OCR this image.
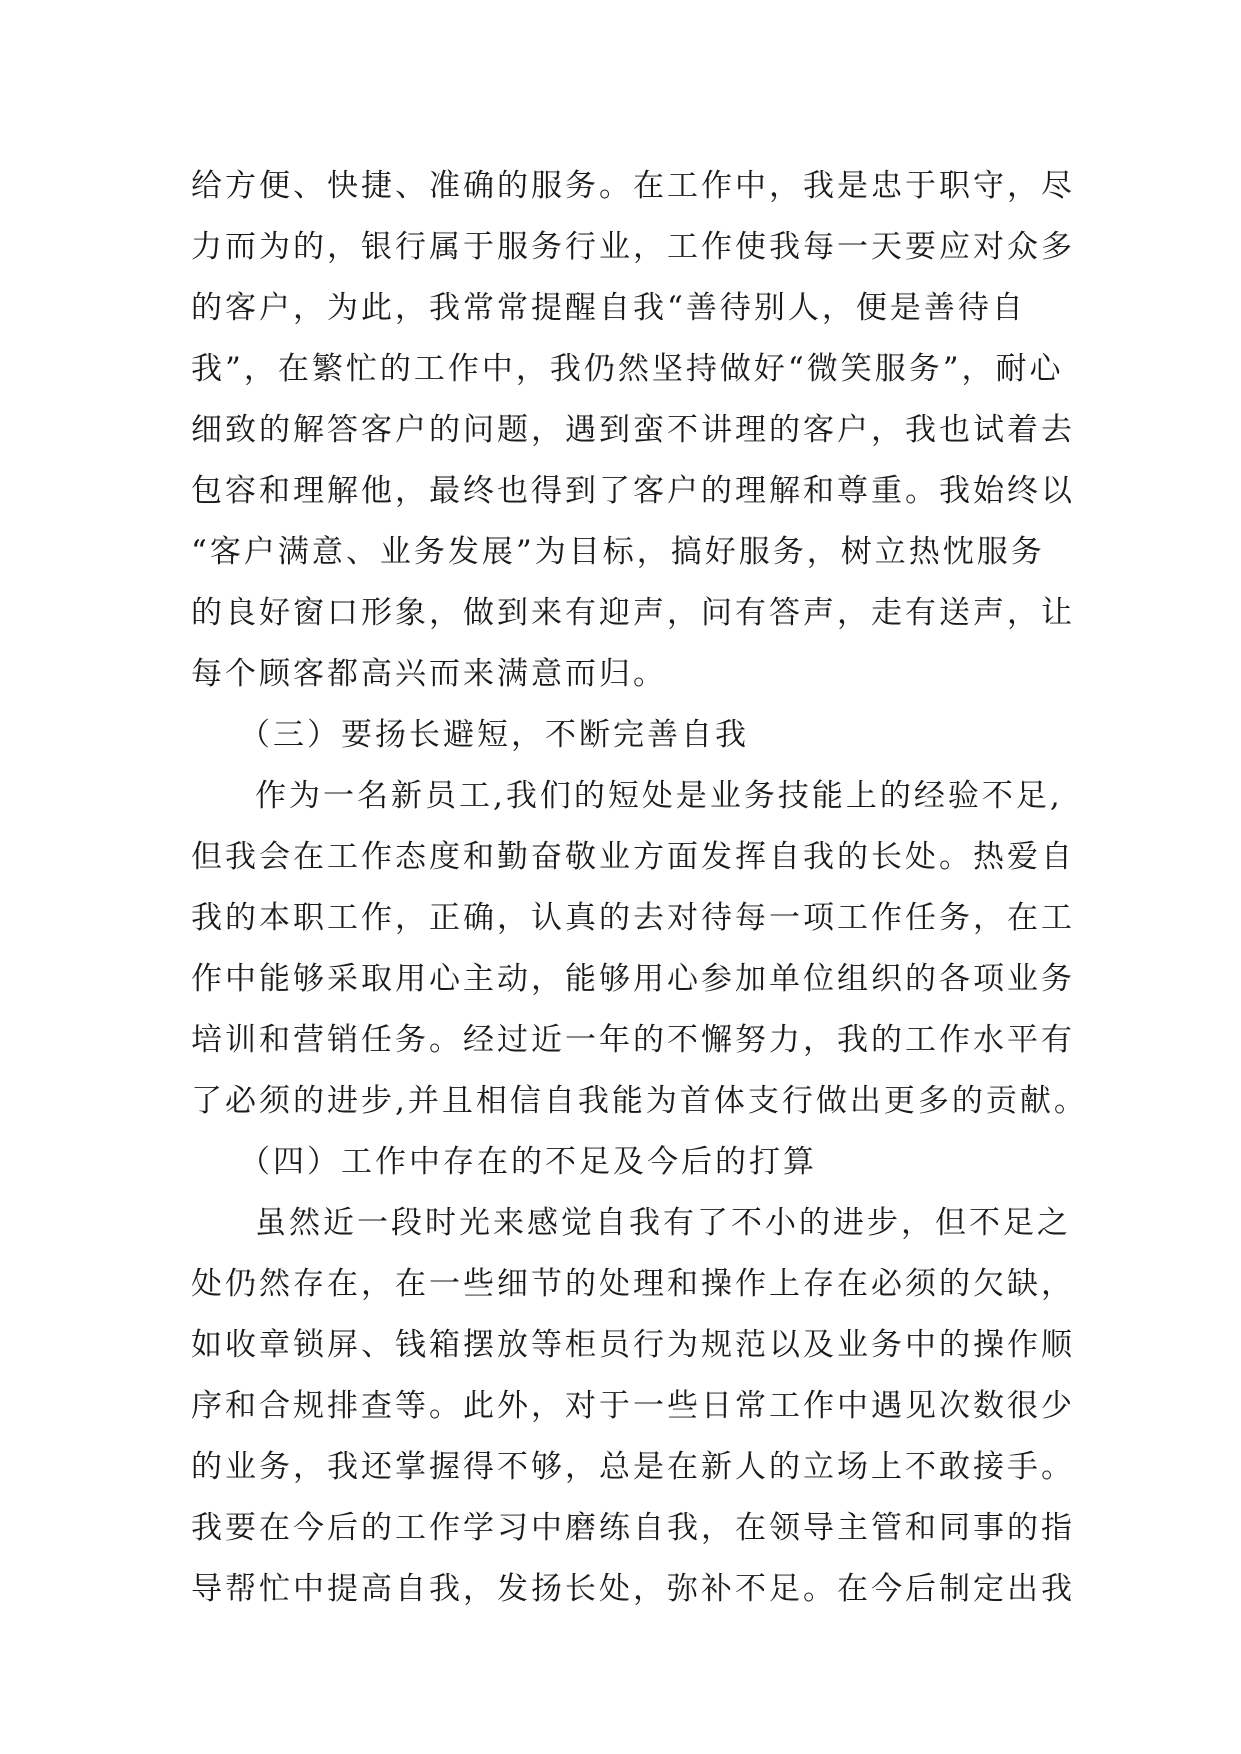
给方便、快捷、准确的服务。在工作中，我是忠于职守，尽
力而为的，银行属于服务行业，工作使我每一天要应对众多
的客户，为此，我常常提醒自我“善待别人，便是善待自
我”，在繁忙的工作中，我仍然坚持做好“微笑服务”，耐心
细致的解答客户的问题，遇到蛮不讲理的客户，我也试着去
包容和理解他，最终也得到了客户的理解和尊重。我始终以
“客户满意、业务发展”为目标，搞好服务，树立热忱服务
的良好窗口形象，做到来有迎声，问有答声，走有送声，让
每个顾客都高兴而来满意而归。
（三）要扬长避短，不断完善自我
作为一名新员工,我们的短处是业务技能上的经验不足,
但我会在工作态度和勤奋敬业方面发挥自我的长处。热爱自
我的本职工作，正确，认真的去对待每一项工作任务，在工
作中能够采取用心主动，能够用心参加单位组织的各项业务
培训和营销任务。经过近一年的不懈努力，我的工作水平有
了必须的进步,并且相信自我能为首体支行做出更多的贡献。
（四）工作中存在的不足及今后的打算
虽然近一段时光来感觉自我有了不小的进步，但不足之
处仍然存在，在一些细节的处理和操作上存在必须的欠缺，
如收章锁屏、钱箱摆放等柜员行为规范以及业务中的操作顺
序和合规排查等。此外，对于一些日常工作中遇见次数很少
的业务，我还掌握得不够，总是在新人的立场上不敢接手。
我要在今后的工作学习中磨练自我，在领导主管和同事的指
导帮忙中提高自我，发扬长处，弥补不足。在今后制定出我
